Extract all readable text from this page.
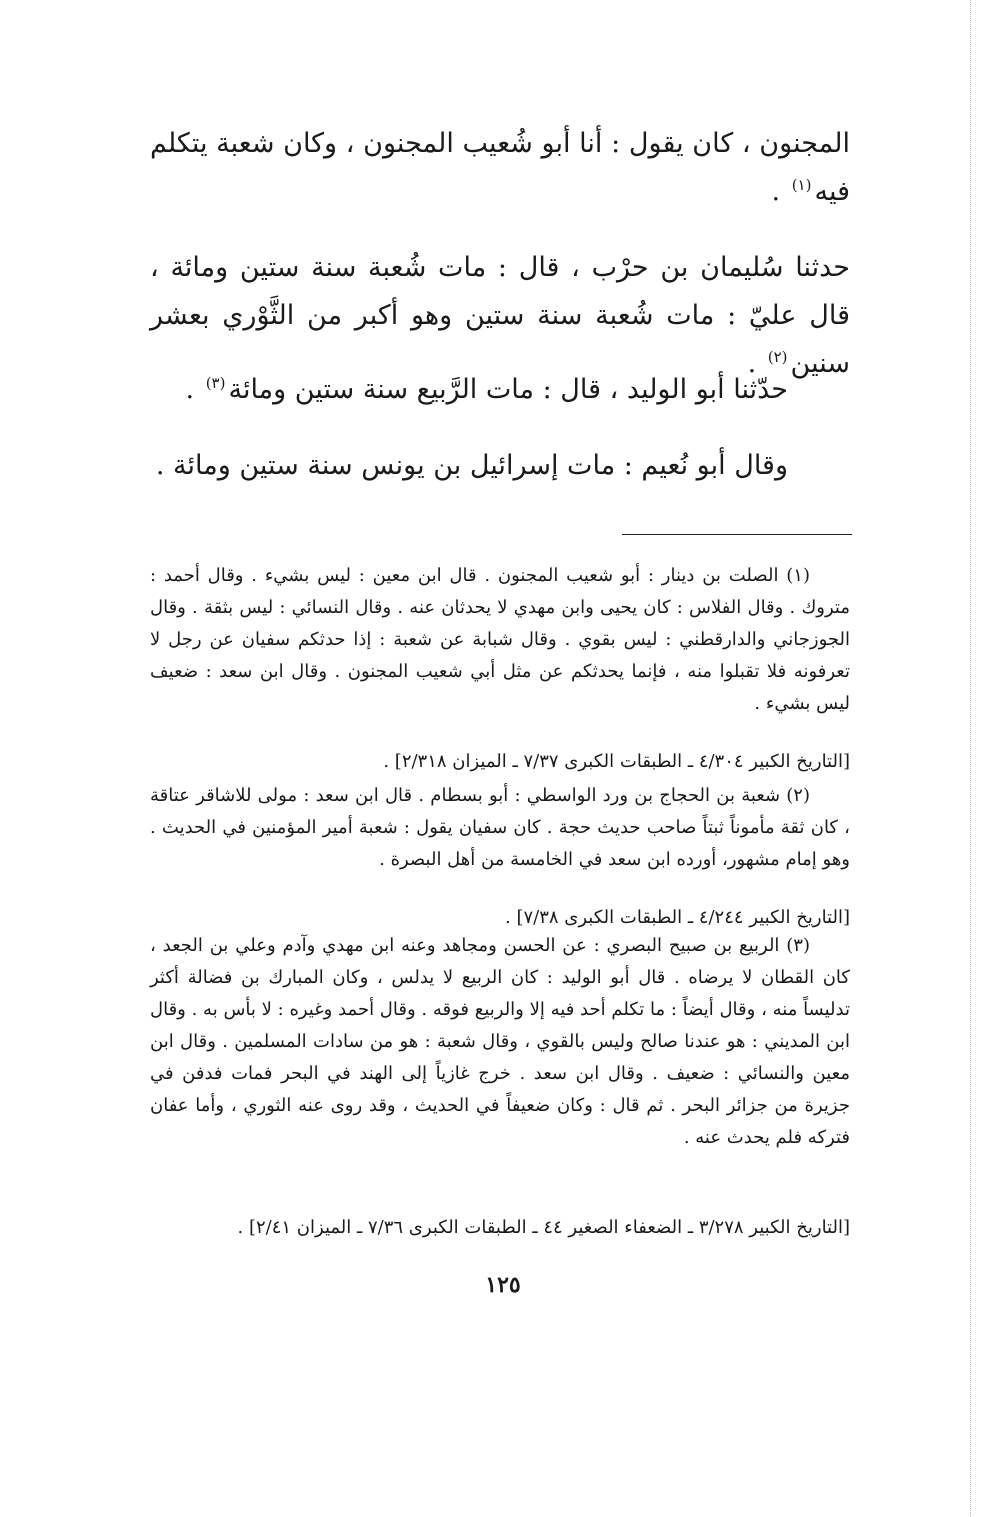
المجنون ، كان يقول : أنا أبو شُعيب المجنون ، وكان شعبة يتكلم فيه$^{(١)}$ .

حدثنا سُليمان بن حرْب ، قال : مات شُعبة سنة ستين ومائة ، قال عليّ : مات شُعبة سنة ستين وهو أكبر من الثَّوْري بعشر سنين$^{(٢)}$ .

حدّثنا أبو الوليد ، قال : مات الرَّبيع سنة ستين ومائة$^{(٣)}$ .

وقال أبو نُعيم : مات إسرائيل بن يونس سنة ستين ومائة .

(١) الصلت بن دينار : أبو شعيب المجنون . قال ابن معين : ليس بشيء . وقال أحمد : متروك . وقال الفلاس : كان يحيى وابن مهدي لا يحدثان عنه . وقال النسائي : ليس بثقة . وقال الجوزجاني والدارقطني : ليس بقوي . وقال شبابة عن شعبة : إذا حدثكم سفيان عن رجل لا تعرفونه فلا تقبلوا منه ، فإنما يحدثكم عن مثل أبي شعيب المجنون . وقال ابن سعد : ضعيف ليس بشيء .

[التاريخ الكبير ٤/٣٠٤ ـ الطبقات الكبرى ٧/٣٧ ـ الميزان ٢/٣١٨] .

(٢) شعبة بن الحجاج بن ورد الواسطي : أبو بسطام . قال ابن سعد : مولى للاشاقر عتاقة ، كان ثقة مأموناً ثبتاً صاحب حديث حجة . كان سفيان يقول : شعبة أمير المؤمنين في الحديث . وهو إمام مشهور، أورده ابن سعد في الخامسة من أهل البصرة .

[التاريخ الكبير ٤/٢٤٤ ـ الطبقات الكبرى ٧/٣٨] .

(٣) الربيع بن صبيح البصري : عن الحسن ومجاهد وعنه ابن مهدي وآدم وعلي بن الجعد ، كان القطان لا يرضاه . قال أبو الوليد : كان الربيع لا يدلس ، وكان المبارك بن فضالة أكثر تدليساً منه ، وقال أيضاً : ما تكلم أحد فيه إلا والربيع فوقه . وقال أحمد وغيره : لا بأس به . وقال ابن المديني : هو عندنا صالح وليس بالقوي ، وقال شعبة : هو من سادات المسلمين . وقال ابن معين والنسائي : ضعيف . وقال ابن سعد . خرج غازياً إلى الهند في البحر فمات فدفن في جزيرة من جزائر البحر . ثم قال : وكان ضعيفاً في الحديث ، وقد روى عنه الثوري ، وأما عفان فتركه فلم يحدث عنه .

[التاريخ الكبير ٣/٢٧٨ ـ الضعفاء الصغير ٤٤ ـ الطبقات الكبرى ٧/٣٦ ـ الميزان ٢/٤١] .

١٢٥
